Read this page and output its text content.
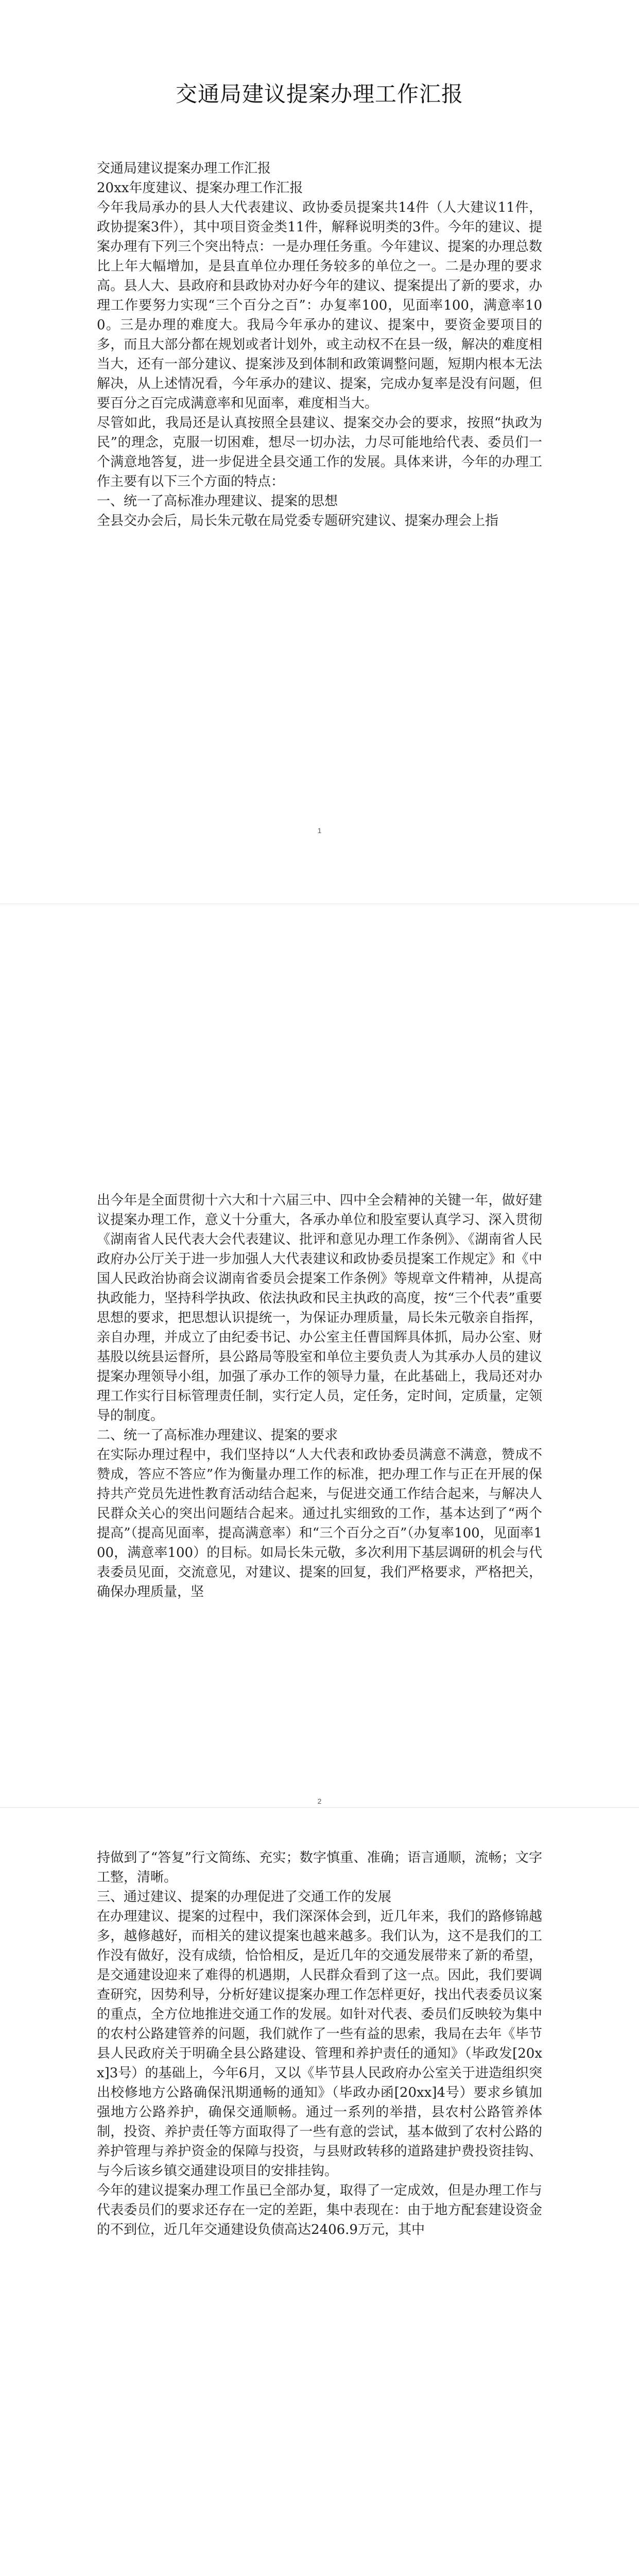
交通局建议提案办理工作汇报

交通局建议提案办理工作汇报

20xx年度建议、提案办理工作汇报

今年我局承办的县人大代表建议、政协委员提案共14件（人大建议11件，政协提案3件），其中项目资金类11件，解释说明类的3件。今年的建议、提案办理有下列三个突出特点：一是办理任务重。今年建议、提案的办理总数比上年大幅增加，是县直单位办理任务较多的单位之一。二是办理的要求高。县人大、县政府和县政协对办好今年的建议、提案提出了新的要求，办理工作要努力实现“三个百分之百”：办复率100，见面率100，满意率100。三是办理的难度大。我局今年承办的建议、提案中，要资金要项目的多，而且大部分都在规划或者计划外，或主动权不在县一级，解决的难度相当大，还有一部分建议、提案涉及到体制和政策调整问题，短期内根本无法解决，从上述情况看，今年承办的建议、提案，完成办复率是没有问题，但要百分之百完成满意率和见面率，难度相当大。

尽管如此，我局还是认真按照全县建议、提案交办会的要求，按照“执政为民”的理念，克服一切困难，想尽一切办法，力尽可能地给代表、委员们一个满意地答复，进一步促进全县交通工作的发展。具体来讲，今年的办理工作主要有以下三个方面的特点：

一、统一了高标准办理建议、提案的思想

全县交办会后，局长朱元敬在局党委专题研究建议、提案办理会上指

1

出今年是全面贯彻十六大和十六届三中、四中全会精神的关键一年，做好建议提案办理工作，意义十分重大，各承办单位和股室要认真学习、深入贯彻《湖南省人民代表大会代表建议、批评和意见办理工作条例》、《湖南省人民政府办公厅关于进一步加强人大代表建议和政协委员提案工作规定》和《中国人民政治协商会议湖南省委员会提案工作条例》等规章文件精神，从提高执政能力，坚持科学执政、依法执政和民主执政的高度，按“三个代表”重要思想的要求，把思想认识提统一，为保证办理质量，局长朱元敬亲自指挥，亲自办理，并成立了由纪委书记、办公室主任曹国辉具体抓，局办公室、财基股以统县运督所，县公路局等股室和单位主要负责人为其承办人员的建议提案办理领导小组，加强了承办工作的领导力量，在此基础上，我局还对办理工作实行目标管理责任制，实行定人员，定任务，定时间，定质量，定领导的制度。

二、统一了高标准办理建议、提案的要求

在实际办理过程中，我们坚持以“人大代表和政协委员满意不满意，赞成不赞成，答应不答应”作为衡量办理工作的标准，把办理工作与正在开展的保持共产党员先进性教育活动结合起来，与促进交通工作结合起来，与解决人民群众关心的突出问题结合起来。通过扎实细致的工作，基本达到了“两个提高”（提高见面率，提高满意率）和“三个百分之百”（办复率100，见面率100，满意率100）的目标。如局长朱元敬，多次利用下基层调研的机会与代表委员见面，交流意见，对建议、提案的回复，我们严格要求，严格把关，确保办理质量，坚

2

持做到了“答复”行文简练、充实；数字慎重、准确；语言通顺，流畅；文字工整，清晰。

三、通过建议、提案的办理促进了交通工作的发展

在办理建议、提案的过程中，我们深深体会到，近几年来，我们的路修锦越多，越修越好，而相关的建议提案也越来越多。我们认为，这不是我们的工作没有做好，没有成绩，恰恰相反，是近几年的交通发展带来了新的希望，是交通建设迎来了难得的机遇期，人民群众看到了这一点。因此，我们要调查研究，因势利导，分析好建议提案办理工作怎样更好，找出代表委员议案的重点，全方位地推进交通工作的发展。如针对代表、委员们反映较为集中的农村公路建管养的问题，我们就作了一些有益的思索，我局在去年《毕节县人民政府关于明确全县公路建设、管理和养护责任的通知》（毕政发[20xx]3号）的基础上，今年6月，又以《毕节县人民政府办公室关于进造组织突出校修地方公路确保汛期通畅的通知》（毕政办函[20xx]4号）要求乡镇加强地方公路养护，确保交通顺畅。通过一系列的举措，县农村公路管养体制，投资、养护责任等方面取得了一些有意的尝试，基本做到了农村公路的养护管理与养护资金的保障与投资，与县财政转移的道路建护费投资挂钩、与今后该乡镇交通建设项目的安排挂钩。

今年的建议提案办理工作虽已全部办复，取得了一定成效，但是办理工作与代表委员们的要求还存在一定的差距，集中表现在：由于地方配套建设资金的不到位，近几年交通建设负债高达2406.9万元，其中
